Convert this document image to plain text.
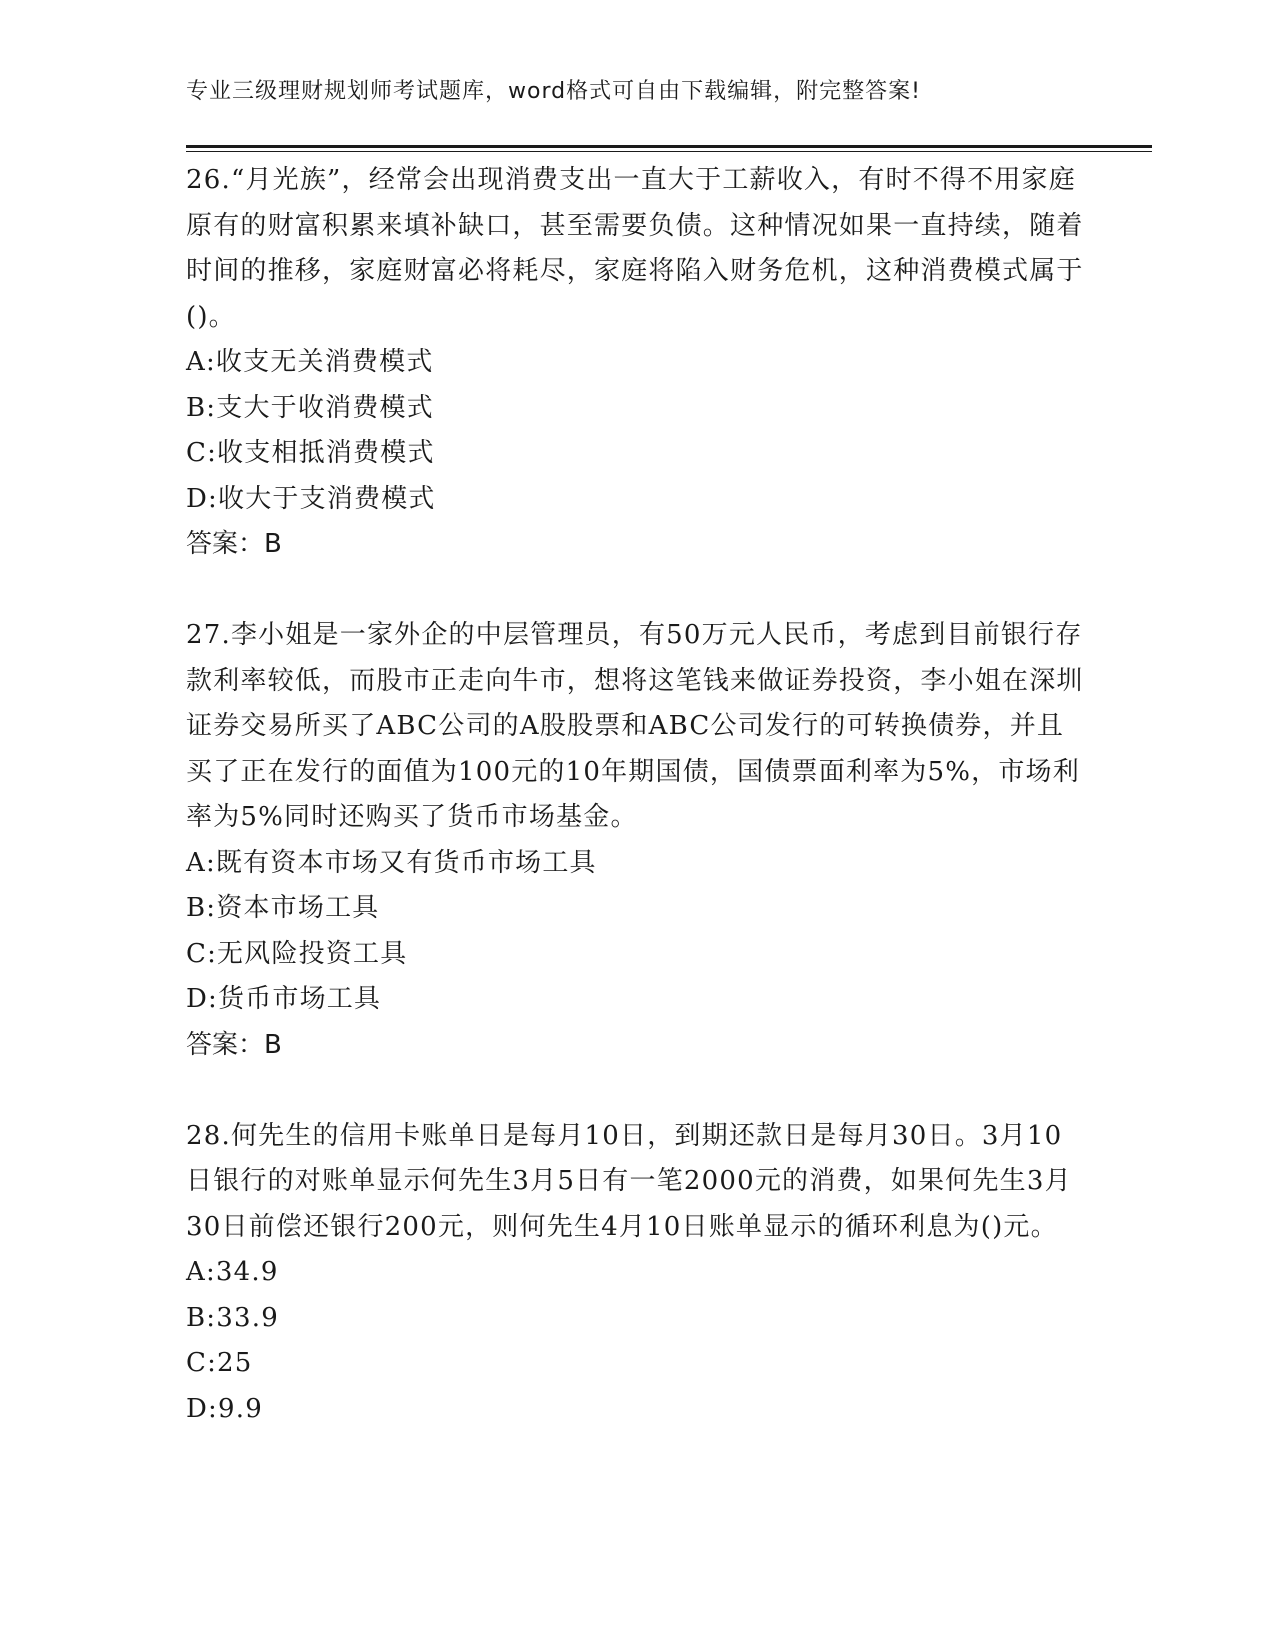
专业三级理财规划师考试题库，word格式可自由下载编辑，附完整答案!

26.“月光族”，经常会出现消费支出一直大于工薪收入，有时不得不用家庭原有的财富积累来填补缺口，甚至需要负债。这种情况如果一直持续，随着时间的推移，家庭财富必将耗尽，家庭将陷入财务危机，这种消费模式属于()。

A:收支无关消费模式

B:支大于收消费模式

C:收支相抵消费模式

D:收大于支消费模式

答案：B

27.李小姐是一家外企的中层管理员，有50万元人民币，考虑到目前银行存款利率较低，而股市正走向牛市，想将这笔钱来做证券投资，李小姐在深圳证券交易所买了ABC公司的A股股票和ABC公司发行的可转换债券，并且买了正在发行的面值为100元的10年期国债，国债票面利率为5%，市场利率为5%同时还购买了货币市场基金。

A:既有资本市场又有货币市场工具

B:资本市场工具

C:无风险投资工具

D:货币市场工具

答案：B

28.何先生的信用卡账单日是每月10日，到期还款日是每月30日。3月10日银行的对账单显示何先生3月5日有一笔2000元的消费，如果何先生3月30日前偿还银行200元，则何先生4月10日账单显示的循环利息为()元。

A:34.9

B:33.9

C:25

D:9.9
